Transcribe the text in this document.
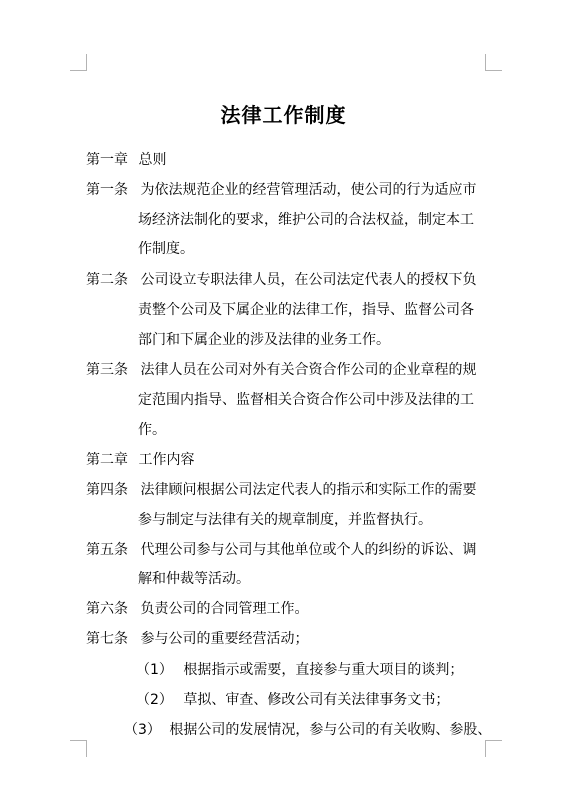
法律工作制度
第一章 总则
第一条 为依法规范企业的经营管理活动，使公司的行为适应市
场经济法制化的要求，维护公司的合法权益，制定本工
作制度。
第二条 公司设立专职法律人员，在公司法定代表人的授权下负
责整个公司及下属企业的法律工作，指导、监督公司各
部门和下属企业的涉及法律的业务工作。
第三条 法律人员在公司对外有关合资合作公司的企业章程的规
定范围内指导、监督相关合资合作公司中涉及法律的工
作。
第二章 工作内容
第四条 法律顾问根据公司法定代表人的指示和实际工作的需要
参与制定与法律有关的规章制度，并监督执行。
第五条 代理公司参与公司与其他单位或个人的纠纷的诉讼、调
解和仲裁等活动。
第六条 负责公司的合同管理工作。
第七条 参与公司的重要经营活动；
（1） 根据指示或需要，直接参与重大项目的谈判；
（2） 草拟、审查、修改公司有关法律事务文书；
（3） 根据公司的发展情况，参与公司的有关收购、参股、
